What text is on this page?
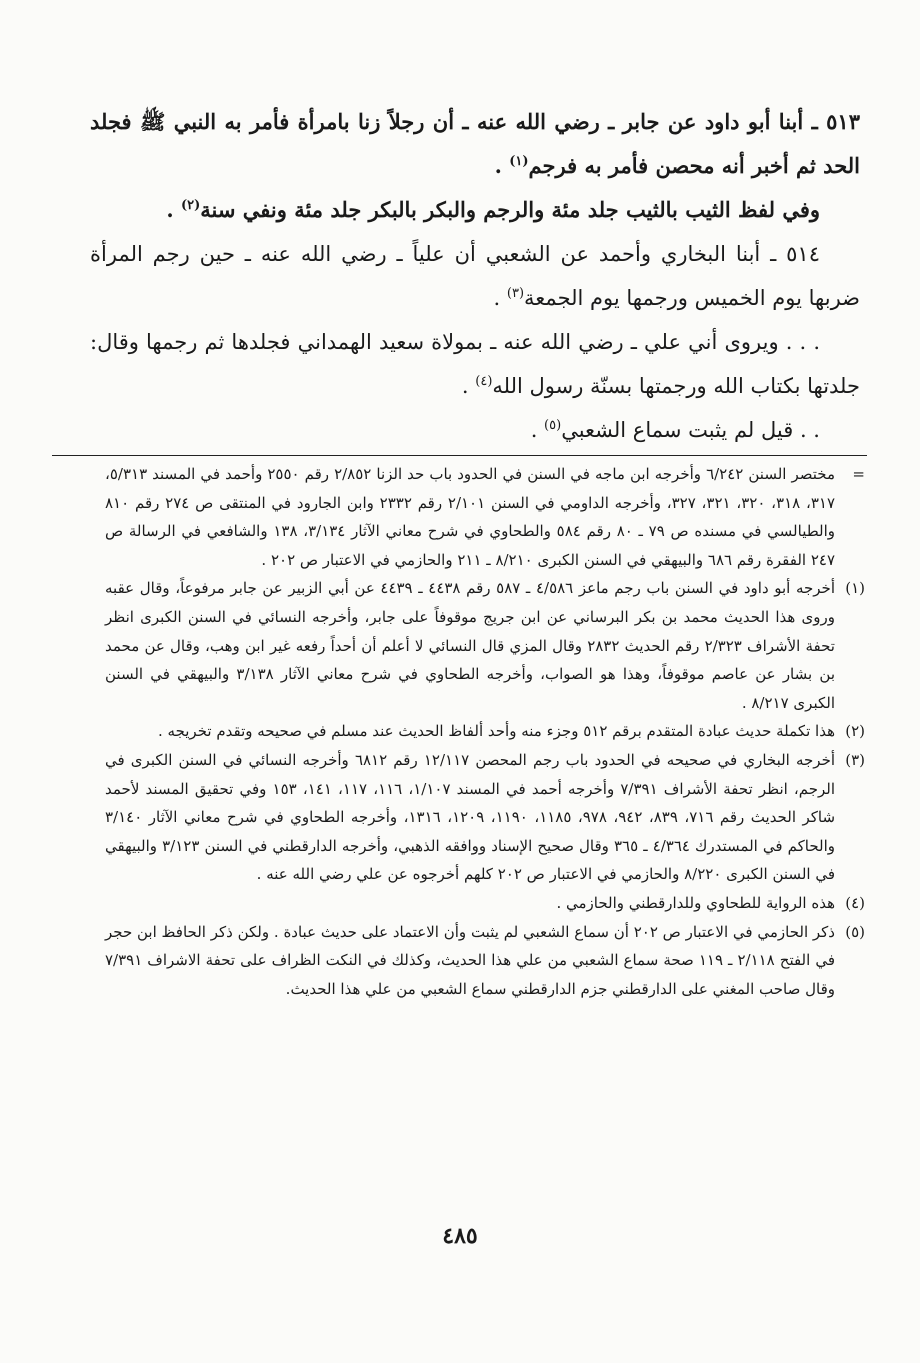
٥١٣ ـ أبنا أبو داود عن جابر ـ رضي الله عنه ـ أن رجلاً زنا بامرأة فأمر به النبي ﷺ فجلد الحد ثم أخبر أنه محصن فأمر به فرجم$^{(١)}$ .

وفي لفظ الثيب بالثيب جلد مئة والرجم والبكر بالبكر جلد مئة ونفي سنة$^{(٢)}$ .

٥١٤ ـ أبنا البخاري وأحمد عن الشعبي أن علياً ـ رضي الله عنه ـ حين رجم المرأة ضربها يوم الخميس ورجمها يوم الجمعة$^{(٣)}$ .

. . . ويروى أني علي ـ رضي الله عنه ـ بمولاة سعيد الهمداني فجلدها ثم رجمها وقال: جلدتها بكتاب الله ورجمتها بسنّة رسول الله$^{(٤)}$ .

. . قيل لم يثبت سماع الشعبي$^{(٥)}$ .

=
مختصر السنن ٦/٢٤٢ وأخرجه ابن ماجه في السنن في الحدود باب حد الزنا ٢/٨٥٢ رقم ٢٥٥٠ وأحمد في المسند ٥/٣١٣، ٣١٧، ٣١٨، ٣٢٠، ٣٢١، ٣٢٧، وأخرجه الداومي في السنن ٢/١٠١ رقم ٢٣٣٢ وابن الجارود في المنتقى ص ٢٧٤ رقم ٨١٠ والطيالسي في مسنده ص ٧٩ ـ ٨٠ رقم ٥٨٤ والطحاوي في شرح معاني الآثار ٣/١٣٤، ١٣٨ والشافعي في الرسالة ص ٢٤٧ الفقرة رقم ٦٨٦ والبيهقي في السنن الكبرى ٨/٢١٠ ـ ٢١١ والحازمي في الاعتبار ص ٢٠٢ .

(١)
أخرجه أبو داود في السنن باب رجم ماعز ٤/٥٨٦ ـ ٥٨٧ رقم ٤٤٣٨ ـ ٤٤٣٩ عن أبي الزبير عن جابر مرفوعاً، وقال عقبه وروى هذا الحديث محمد بن بكر البرساني عن ابن جريج موقوفاً على جابر، وأخرجه النسائي في السنن الكبرى انظر تحفة الأشراف ٢/٣٢٣ رقم الحديث ٢٨٣٢ وقال المزي قال النسائي لا أعلم أن أحداً رفعه غير ابن وهب، وقال عن محمد بن بشار عن عاصم موقوفاً، وهذا هو الصواب، وأخرجه الطحاوي في شرح معاني الآثار ٣/١٣٨ والبيهقي في السنن الكبرى ٨/٢١٧ .

(٢)
هذا تكملة حديث عبادة المتقدم برقم ٥١٢ وجزء منه وأحد ألفاظ الحديث عند مسلم في صحيحه وتقدم تخريجه .

(٣)
أخرجه البخاري في صحيحه في الحدود باب رجم المحصن ١٢/١١٧ رقم ٦٨١٢ وأخرجه النسائي في السنن الكبرى في الرجم، انظر تحفة الأشراف ٧/٣٩١ وأخرجه أحمد في المسند ١/١٠٧، ١١٦، ١١٧، ١٤١، ١٥٣ وفي تحقيق المسند لأحمد شاكر الحديث رقم ٧١٦، ٨٣٩، ٩٤٢، ٩٧٨، ١١٨٥، ١١٩٠، ١٢٠٩، ١٣١٦، وأخرجه الطحاوي في شرح معاني الآثار ٣/١٤٠ والحاكم في المستدرك ٤/٣٦٤ ـ ٣٦٥ وقال صحيح الإسناد ووافقه الذهبي، وأخرجه الدارقطني في السنن ٣/١٢٣ والبيهقي في السنن الكبرى ٨/٢٢٠ والحازمي في الاعتبار ص ٢٠٢ كلهم أخرجوه عن علي رضي الله عنه .

(٤)
هذه الرواية للطحاوي وللدارقطني والحازمي .

(٥)
ذكر الحازمي في الاعتبار ص ٢٠٢ أن سماع الشعبي لم يثبت وأن الاعتماد على حديث عبادة . ولكن ذكر الحافظ ابن حجر في الفتح ٢/١١٨ ـ ١١٩ صحة سماع الشعبي من علي هذا الحديث، وكذلك في النكت الظراف على تحفة الاشراف ٧/٣٩١ وقال صاحب المغني على الدارقطني جزم الدارقطني سماع الشعبي من علي هذا الحديث.

٤٨٥
